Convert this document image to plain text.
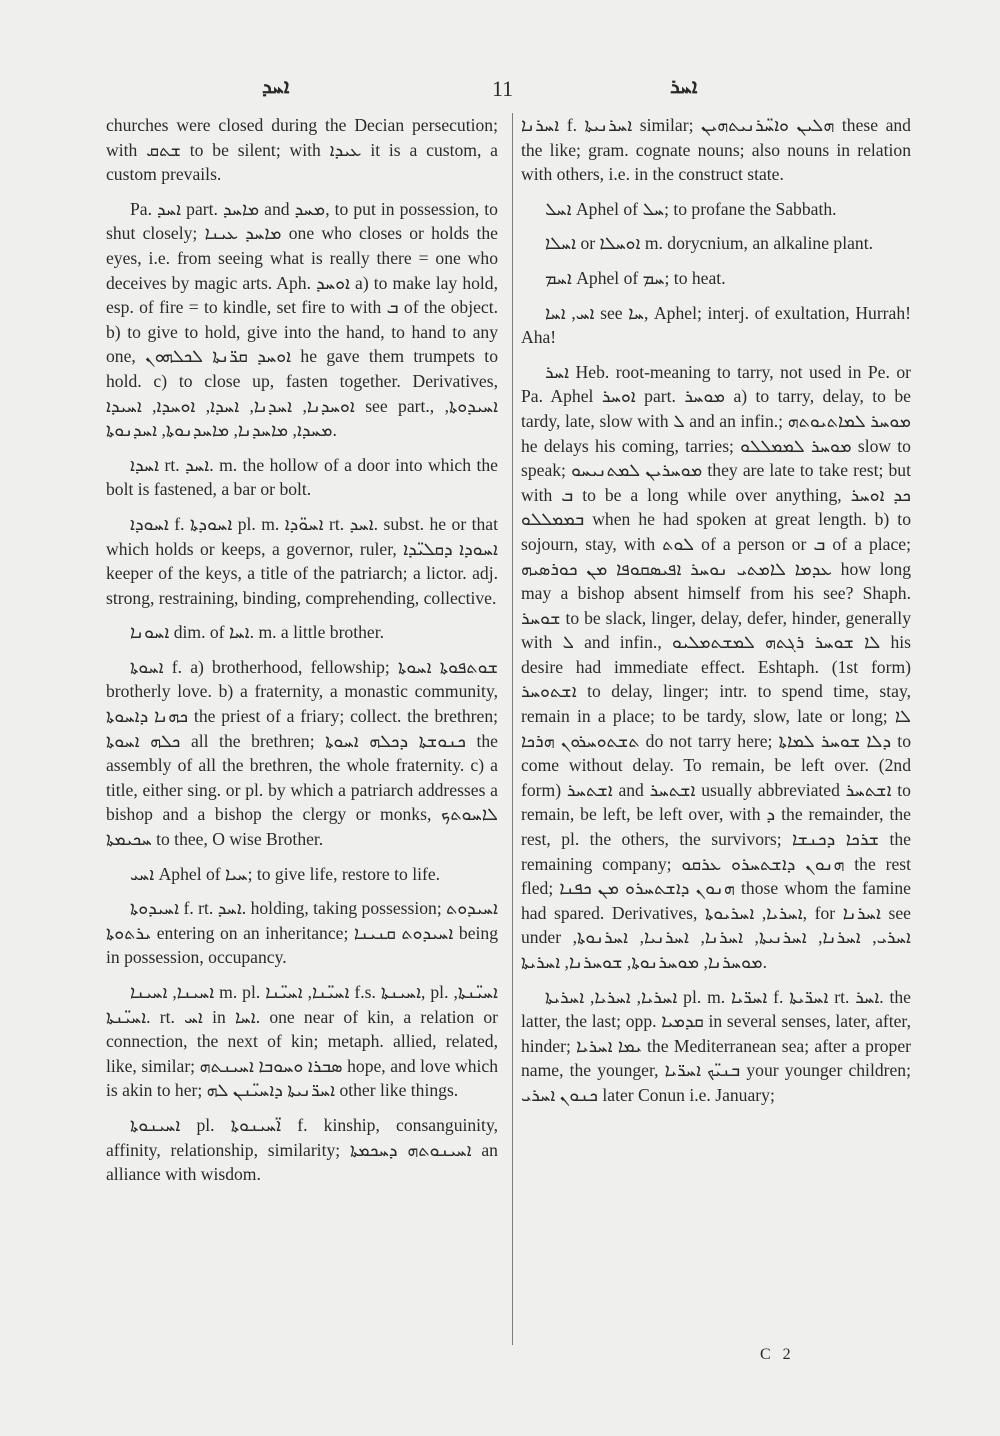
ܐܚܕ	11	ܐܚܪ

churches were closed during the Decian persecution; with ܫܬܩ to be silent; with ܥܝܕܐ it is a custom, a custom prevails.

Pa. ܐܚܕ part. ܡܐܚܕ and ܡܚܕ, to put in possession, to shut closely; ܡܐܚܕ ܥܝܢܐ one who closes or holds the eyes, i.e. from seeing what is really there = one who deceives by magic arts. Aph. ܐܘܚܕ a) to make lay hold, esp. of fire = to kindle, set fire to with ܒ of the object. b) to give to hold, give into the hand, to hand to any one, ܐܘܚܕ ܩܪ̈ܢܬܐ ܠܟܠܗܘܢ he gave them trumpets to hold. c) to close up, fasten together. Derivatives, ܐܘܚܕܢܐ, ܐܚܕܢܐ, ܐܚܕܐ, ܐܘܚܕܐ, ܐܚܝܕܐ see part., ܐܚܝܕܘܬܐ, ܡܚܕܐ, ܡܐܚܕܢܐ, ܡܐܚܕܢܘܬܐ, ܐܚܕܢܘܬܐ.

ܐܚܕܐ rt. ܐܚܕ. m. the hollow of a door into which the bolt is fastened, a bar or bolt.

ܐܚܘܕܐ f. ܐܚܘܕܬܐ pl. m. ܐܚܘ̈ܕܐ rt. ܐܚܕ. subst. he or that which holds or keeps, a governor, ruler, ܐܚܘܕܐ ܕܩܠܝ̈ܕܐ keeper of the keys, a title of the patriarch; a lictor. adj. strong, restraining, binding, comprehending, collective.

ܐܚܘܢܐ dim. of ܐܚܐ. m. a little brother.

ܐܚܘܬܐ f. a) brotherhood, fellowship; ܫܘܬܦܘܬܐ ܐܚܘܬܐ brotherly love. b) a fraternity, a monastic community, ܟܗܢܐ ܕܐܚܘܬܐ the priest of a friary; collect. the brethren; ܟܠܗ ܐܚܘܬܐ all the brethren; ܟܢܘܫܬܐ ܕܟܠܗ ܐܚܘܬܐ the assembly of all the brethren, the whole fraternity. c) a title, either sing. or pl. by which a patriarch addresses a bishop and a bishop the clergy or monks, ܠܐܚܘܬܟ ܚܟܝܡܬܐ to thee, O wise Brother.

ܐܚܝ Aphel of ܚܝܐ; to give life, restore to life.

ܐܚܝܕܘܬܐ f. rt. ܐܚܕ. holding, taking possession; ܐܚܝܕܘܬ ܝܪܬܘܬܐ entering on an inheritance; ܐܚܝܕܘܬ ܩܢܝܢܐ being in possession, occupancy.

ܐܚܝܢܐ, ܐܚܝܢܐ m. pl. ܐܚܝ̈ܢܐ, ܐܚܝ̈ܢܐ f.s. ܐܚܝܢܬܐ, pl. ܐܚܝ̈ܢܬܐ, ܐܚܝ̈ܢܬܐ. rt. ܐܚ in ܐܚܐ. one near of kin, a relation or connection, the next of kin; metaph. allied, related, like, similar; ܣܒܪܐ ܘܚܘܒܐ ܐܚܝܢܬܗ hope, and love which is akin to her; ܐܚܪ̈ܢܝܬܐ ܕܐܚܝ̈ܢܢ ܠܗ other like things.

ܐܚܝܢܘܬܐ pl. ܐ̈ܚܝܢܘܬܐ f. kinship, consanguinity, affinity, relationship, similarity; ܐܚܝܢܘܬܗ ܕܚܟܡܬܐ an alliance with wisdom.

ܐܚܪܢܐ f. ܐܚܪܢܝܬܐ similar; ܗܠܝܢ ܘܐܚ̈ܪܢܝܬܗܝܢ these and the like; gram. cognate nouns; also nouns in relation with others, i.e. in the construct state.

ܐܚܠ Aphel of ܚܠ; to profane the Sabbath.

ܐܚܠܐ or ܐܘܚܠܐ m. dorycnium, an alkaline plant.

ܐܚܡ Aphel of ܚܡ; to heat.

ܐܚ, ܐܚܐ see ܚܐ, Aphel; interj. of exultation, Hurrah! Aha!

ܐܚܪ Heb. root-meaning to tarry, not used in Pe. or Pa. Aphel ܐܘܚܪ part. ܡܘܚܪ a) to tarry, delay, to be tardy, late, slow with ܠ and an infin.; ܡܘܚܪ ܠܡܐܬܝܘܬܗ he delays his coming, tarries; ܡܘܚܪ ܠܡܡܠܠܘ slow to speak; ܡܘܚܪܝܢ ܠܡܬܢܝܚܘ they are late to take rest; but with ܒ to be a long while over anything, ܟܕ ܐܘܚܪ ܒܡܡܠܠܘ when he had spoken at great length. b) to sojourn, stay, with ܠܘܬ of a person or ܒ of a place; ܥܕܡܐ ܠܐܡܬܝ ܢܘܚܪ ܐܦܝܣܩܘܦܐ ܡܢ ܟܘܪܣܝܗ how long may a bishop absent himself from his see? Shaph. ܫܘܚܪ to be slack, linger, delay, defer, hinder, generally with ܠ and infin., ܠܐ ܫܘܚܪ ܪܓܬܗ ܠܡܫܬܡܠܝܘ his desire had immediate effect. Eshtaph. (1st form) ܐܫܬܘܚܪ to delay, linger; intr. to spend time, stay, remain in a place; to be tardy, slow, late or long; ܠܐ ܬܫܬܘܚܪܘܢ ܗܪܟܐ do not tarry here; ܕܠܐ ܫܘܚܪ ܠܡܐܬܐ to come without delay. To remain, be left over. (2nd form) ܐܫܬܚܪ and ܐܫܬܚܪ usually abbreviated ܐܫܬܚܪ to remain, be left, be left over, with ܕ the remainder, the rest, pl. the others, the survivors; ܫܪܟܐ ܕܟܢܫܐ the remaining company; ܗܢܘܢ ܕܐܫܬܚܪܘ ܥܪܩܘ the rest fled; ܗܢܘܢ ܕܐܫܬܚܪܘ ܡܢ ܟܦܢܐ those whom the famine had spared. Derivatives, ܐܚܪܝܐ, ܐܚܪܝܘܬܐ, for ܐܚܪܢܐ see under ܐܚܪܝ, ܐܚܪܢܐ, ܐܚܪܢܝܬܐ, ܐܚܪܢܐ, ܐܚܪܢܝܐ, ܐܚܪܢܘܬܐ, ܡܘܚܪܢܐ, ܡܘܚܪܢܘܬܐ, ܫܘܚܪܢܐ, ܐܚܪܝܬܐ.

ܐܚܪܝܐ, ܐܚܪܝܐ, ܐܚܪܝܬܐ pl. m. ܐܚܪ̈ܝܐ f. ܐܚܪ̈ܝܬܐ rt. ܐܚܪ. the latter, the last; opp. ܩܕܡܝܐ in several senses, later, after, hinder; ܝܡܐ ܐܚܪܝܐ the Mediterranean sea; after a proper name, the younger, ܒܢܝ̈ܟ ܐܚܪ̈ܝܐ your younger children; ܟܢܘܢ ܐܚܪܝ later Conun i.e. January;

C 2
